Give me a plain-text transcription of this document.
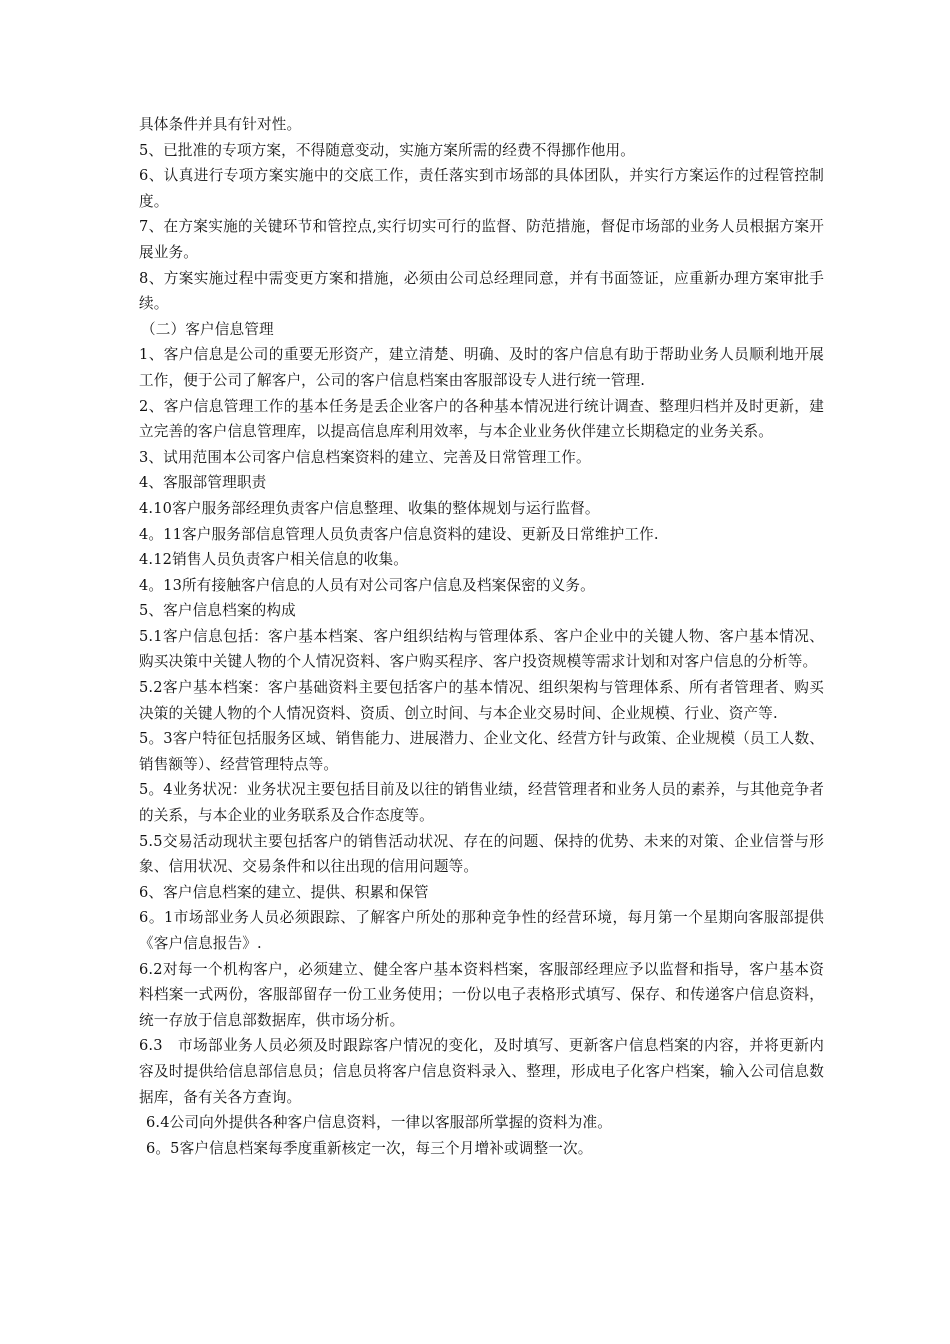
具体条件并具有针对性。

5、已批准的专项方案，不得随意变动，实施方案所需的经费不得挪作他用。

6、认真进行专项方案实施中的交底工作，责任落实到市场部的具体团队，并实行方案运作的过程管控制度。

7、在方案实施的关键环节和管控点,实行切实可行的监督、防范措施，督促市场部的业务人员根据方案开展业务。

8、方案实施过程中需变更方案和措施，必须由公司总经理同意，并有书面签证，应重新办理方案审批手续。

（二）客户信息管理

1、客户信息是公司的重要无形资产，建立清楚、明确、及时的客户信息有助于帮助业务人员顺利地开展工作，便于公司了解客户，公司的客户信息档案由客服部设专人进行统一管理.

2、客户信息管理工作的基本任务是丢企业客户的各种基本情况进行统计调查、整理归档并及时更新，建立完善的客户信息管理库，以提高信息库利用效率，与本企业业务伙伴建立长期稳定的业务关系。

3、试用范围本公司客户信息档案资料的建立、完善及日常管理工作。

4、客服部管理职责

4.10客户服务部经理负责客户信息整理、收集的整体规划与运行监督。

4。11客户服务部信息管理人员负责客户信息资料的建设、更新及日常维护工作.

4.12销售人员负责客户相关信息的收集。

4。13所有接触客户信息的人员有对公司客户信息及档案保密的义务。

5、客户信息档案的构成

5.1客户信息包括：客户基本档案、客户组织结构与管理体系、客户企业中的关键人物、客户基本情况、购买决策中关键人物的个人情况资料、客户购买程序、客户投资规模等需求计划和对客户信息的分析等。

5.2客户基本档案：客户基础资料主要包括客户的基本情况、组织架构与管理体系、所有者管理者、购买决策的关键人物的个人情况资料、资质、创立时间、与本企业交易时间、企业规模、行业、资产等.

5。3客户特征包括服务区域、销售能力、进展潜力、企业文化、经营方针与政策、企业规模（员工人数、销售额等）、经营管理特点等。

5。4业务状况：业务状况主要包括目前及以往的销售业绩，经营管理者和业务人员的素养，与其他竞争者的关系，与本企业的业务联系及合作态度等。

5.5交易活动现状主要包括客户的销售活动状况、存在的问题、保持的优势、未来的对策、企业信誉与形象、信用状况、交易条件和以往出现的信用问题等。

6、客户信息档案的建立、提供、积累和保管

6。1市场部业务人员必须跟踪、了解客户所处的那种竞争性的经营环境，每月第一个星期向客服部提供《客户信息报告》.

6.2对每一个机构客户，必须建立、健全客户基本资料档案，客服部经理应予以监督和指导，客户基本资料档案一式两份，客服部留存一份工业务使用；一份以电子表格形式填写、保存、和传递客户信息资料，统一存放于信息部数据库，供市场分析。

6.3　市场部业务人员必须及时跟踪客户情况的变化，及时填写、更新客户信息档案的内容，并将更新内容及时提供给信息部信息员；信息员将客户信息资料录入、整理，形成电子化客户档案，输入公司信息数据库，备有关各方查询。

6.4公司向外提供各种客户信息资料，一律以客服部所掌握的资料为准。

6。5客户信息档案每季度重新核定一次，每三个月增补或调整一次。
